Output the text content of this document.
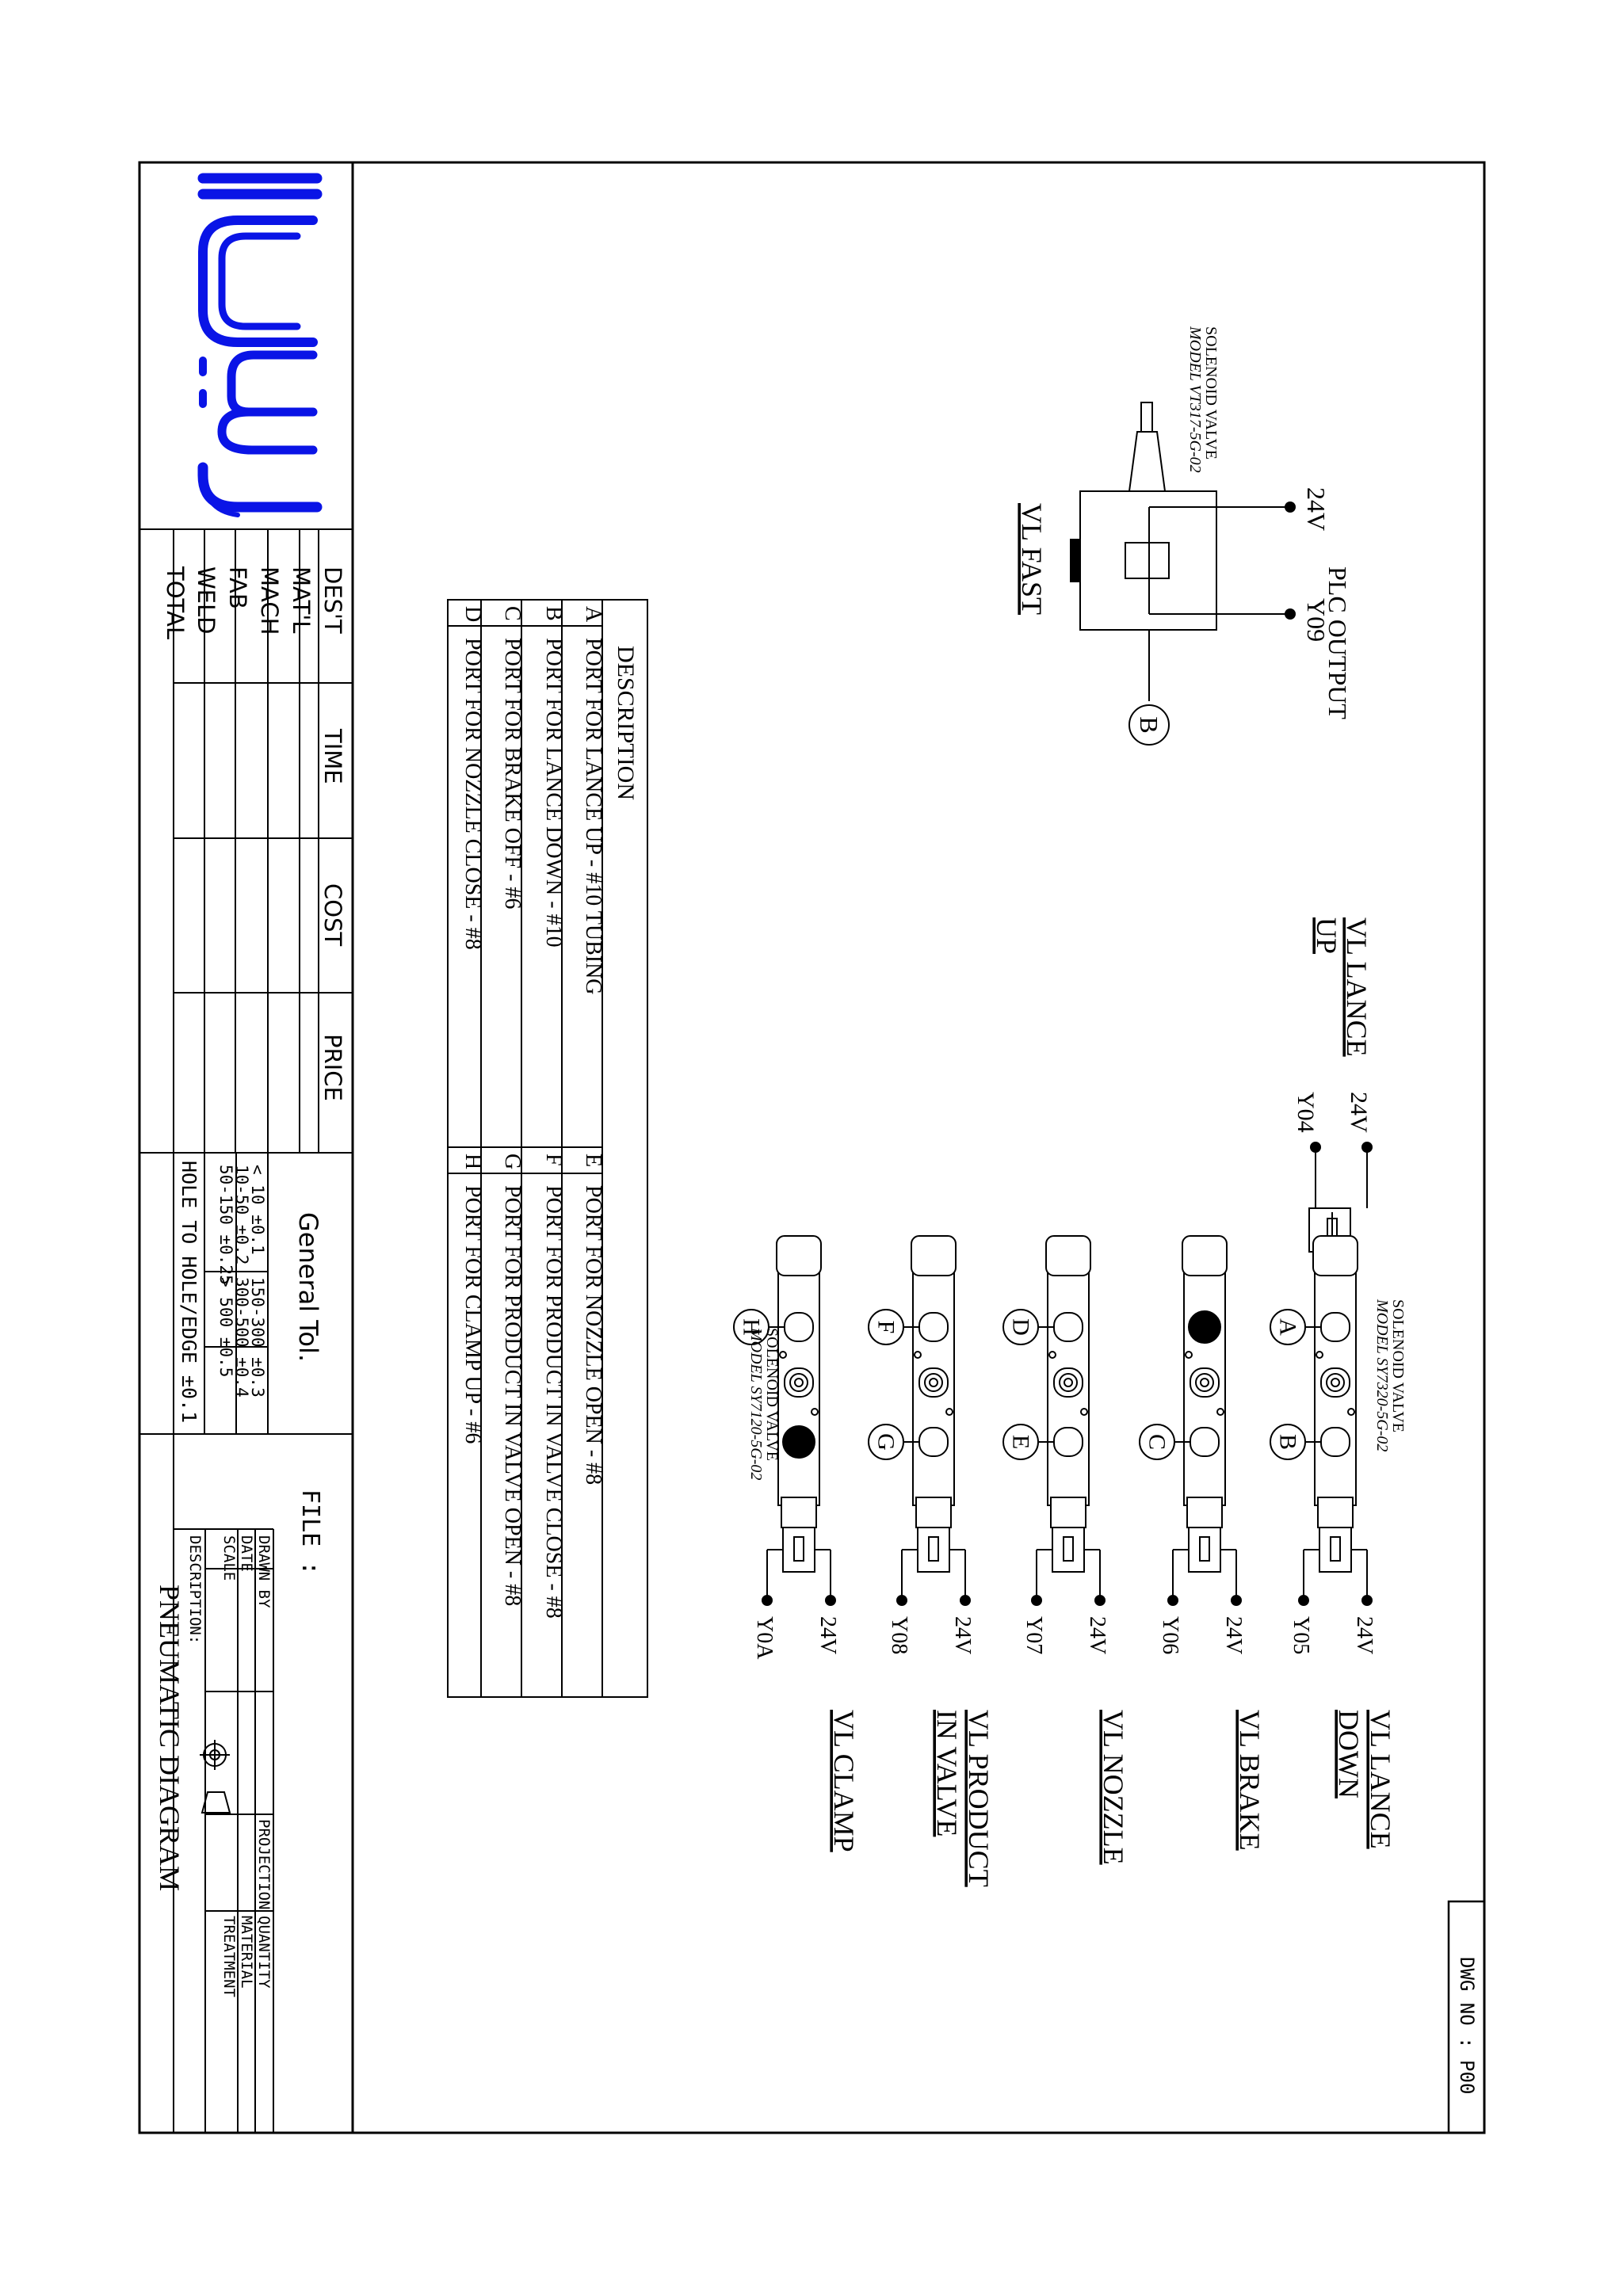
DWG NO : P00
DES'T
TIME
COST
PRICE
MAT'L
MACH
FAB
WELD
TOTAL
General Tol.
< 10 ±0.1
150-300 ±0.3
10-50 ±0.2
300-500 ±0.4
50-150 ±0.25
> 500 ±0.5
HOLE TO HOLE/EDGE ±0.1
DRAWN BY
DATE
SCALE
PROJECTION
QUANTITY
MATERIAL
TREATMENT
DESCRIPTION:
FILE :
PNEUMATIC DIAGRAM
DESCRIPTION
A
PORT FOR LANCE UP - #10 TUBING
B
PORT FOR LANCE DOWN - #10
C
PORT FOR BRAKE OFF - #6
D
PORT FOR NOZZLE CLOSE - #8
E
PORT FOR NOZZLE OPEN - #8
F
PORT FOR PRODUCT IN VALVE CLOSE - #8
G
PORT FOR PRODUCT IN VALVE OPEN - #8
H
PORT FOR CLAMP UP - #6
SOLENOID VALVE
MODEL VT317-5G-02
24V
PLC OUTPUT
Y09
B
VL FAST
VL LANCE
UP
24V
Y04
A
B
24V
Y05
VL LANCE
DOWN
C
24V
Y06
VL BRAKE
D
E
24V
Y07
VL NOZZLE
F
G
24V
Y08
VL PRODUCT
IN VALVE
H
24V
Y0A
VL CLAMP
SOLENOID VALVE
MODEL SY7320-5G-02
SOLENOID VALVE
MODEL SY7120-5G-02
